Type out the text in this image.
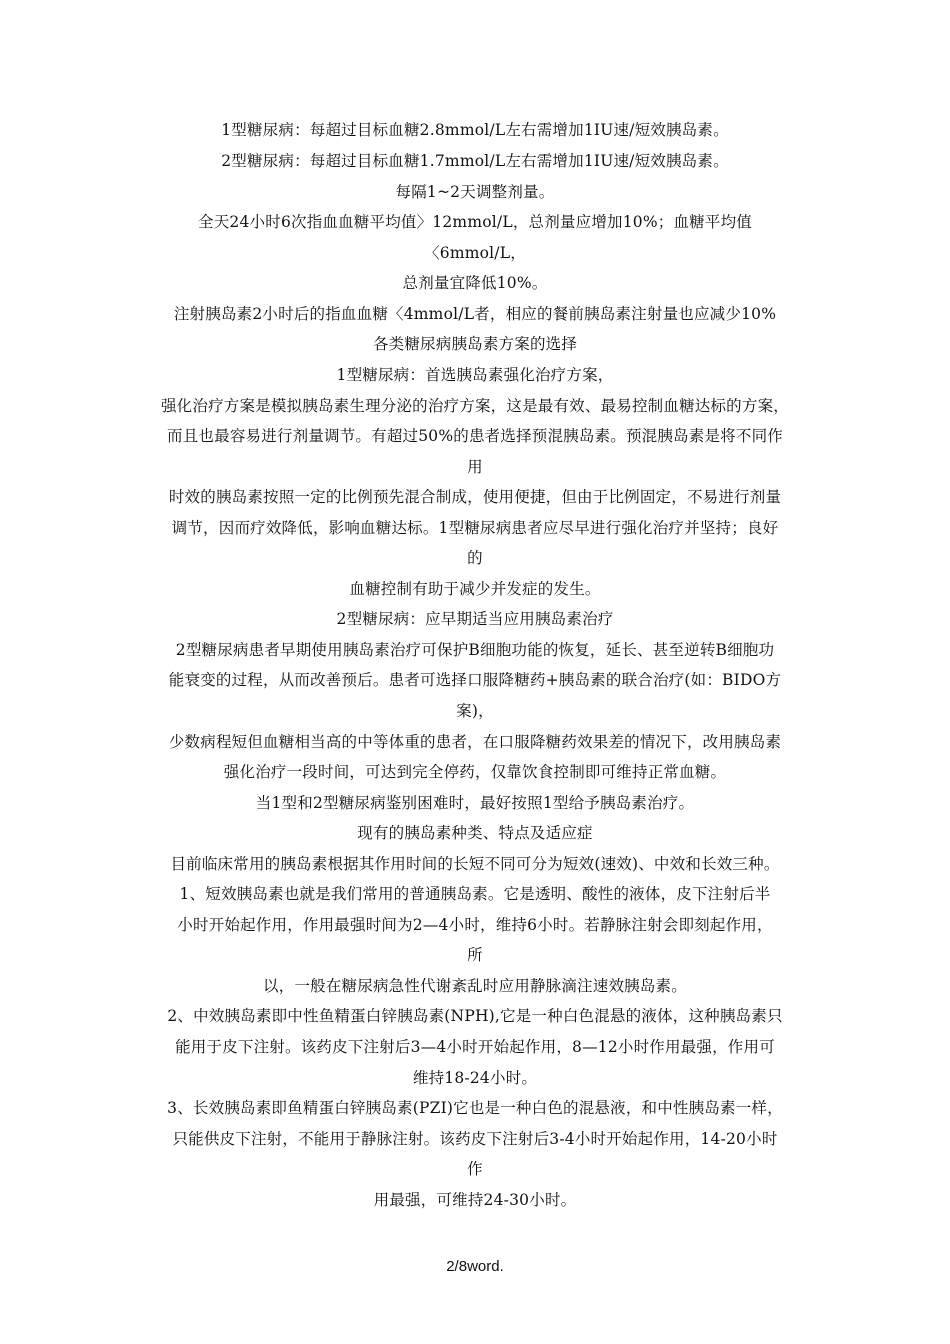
1型糖尿病：每超过目标血糖2.8mmol/L左右需增加1IU速/短效胰岛素。
2型糖尿病：每超过目标血糖1.7mmol/L左右需增加1IU速/短效胰岛素。
每隔1~2天调整剂量。
全天24小时6次指血血糖平均值〉12mmol/L，总剂量应增加10%；血糖平均值
〈6mmol/L，
总剂量宜降低10%。
注射胰岛素2小时后的指血血糖〈4mmol/L者，相应的餐前胰岛素注射量也应减少10%
各类糖尿病胰岛素方案的选择
1型糖尿病：首选胰岛素强化治疗方案，
强化治疗方案是模拟胰岛素生理分泌的治疗方案，这是最有效、最易控制血糖达标的方案，
而且也最容易进行剂量调节。有超过50%的患者选择预混胰岛素。预混胰岛素是将不同作
用
时效的胰岛素按照一定的比例预先混合制成，使用便捷，但由于比例固定，不易进行剂量
调节，因而疗效降低，影响血糖达标。1型糖尿病患者应尽早进行强化治疗并坚持；良好
的
血糖控制有助于减少并发症的发生。
2型糖尿病：应早期适当应用胰岛素治疗
2型糖尿病患者早期使用胰岛素治疗可保护B细胞功能的恢复，延长、甚至逆转B细胞功
能衰变的过程，从而改善预后。患者可选择口服降糖药+胰岛素的联合治疗(如：BIDO方
案)，
少数病程短但血糖相当高的中等体重的患者，在口服降糖药效果差的情况下，改用胰岛素
强化治疗一段时间，可达到完全停药，仅靠饮食控制即可维持正常血糖。
当1型和2型糖尿病鉴别困难时，最好按照1型给予胰岛素治疗。
现有的胰岛素种类、特点及适应症
目前临床常用的胰岛素根据其作用时间的长短不同可分为短效(速效)、中效和长效三种。
1、短效胰岛素也就是我们常用的普通胰岛素。它是透明、酸性的液体，皮下注射后半
小时开始起作用，作用最强时间为2—4小时，维持6小时。若静脉注射会即刻起作用，
所
以，一般在糖尿病急性代谢紊乱时应用静脉滴注速效胰岛素。
2、中效胰岛素即中性鱼精蛋白锌胰岛素(NPH),它是一种白色混悬的液体，这种胰岛素只
能用于皮下注射。该药皮下注射后3—4小时开始起作用，8—12小时作用最强，作用可
维持18-24小时。
3、长效胰岛素即鱼精蛋白锌胰岛素(PZI)它也是一种白色的混悬液，和中性胰岛素一样，
只能供皮下注射，不能用于静脉注射。该药皮下注射后3-4小时开始起作用，14-20小时
作
用最强，可维持24-30小时。
2/8word.
